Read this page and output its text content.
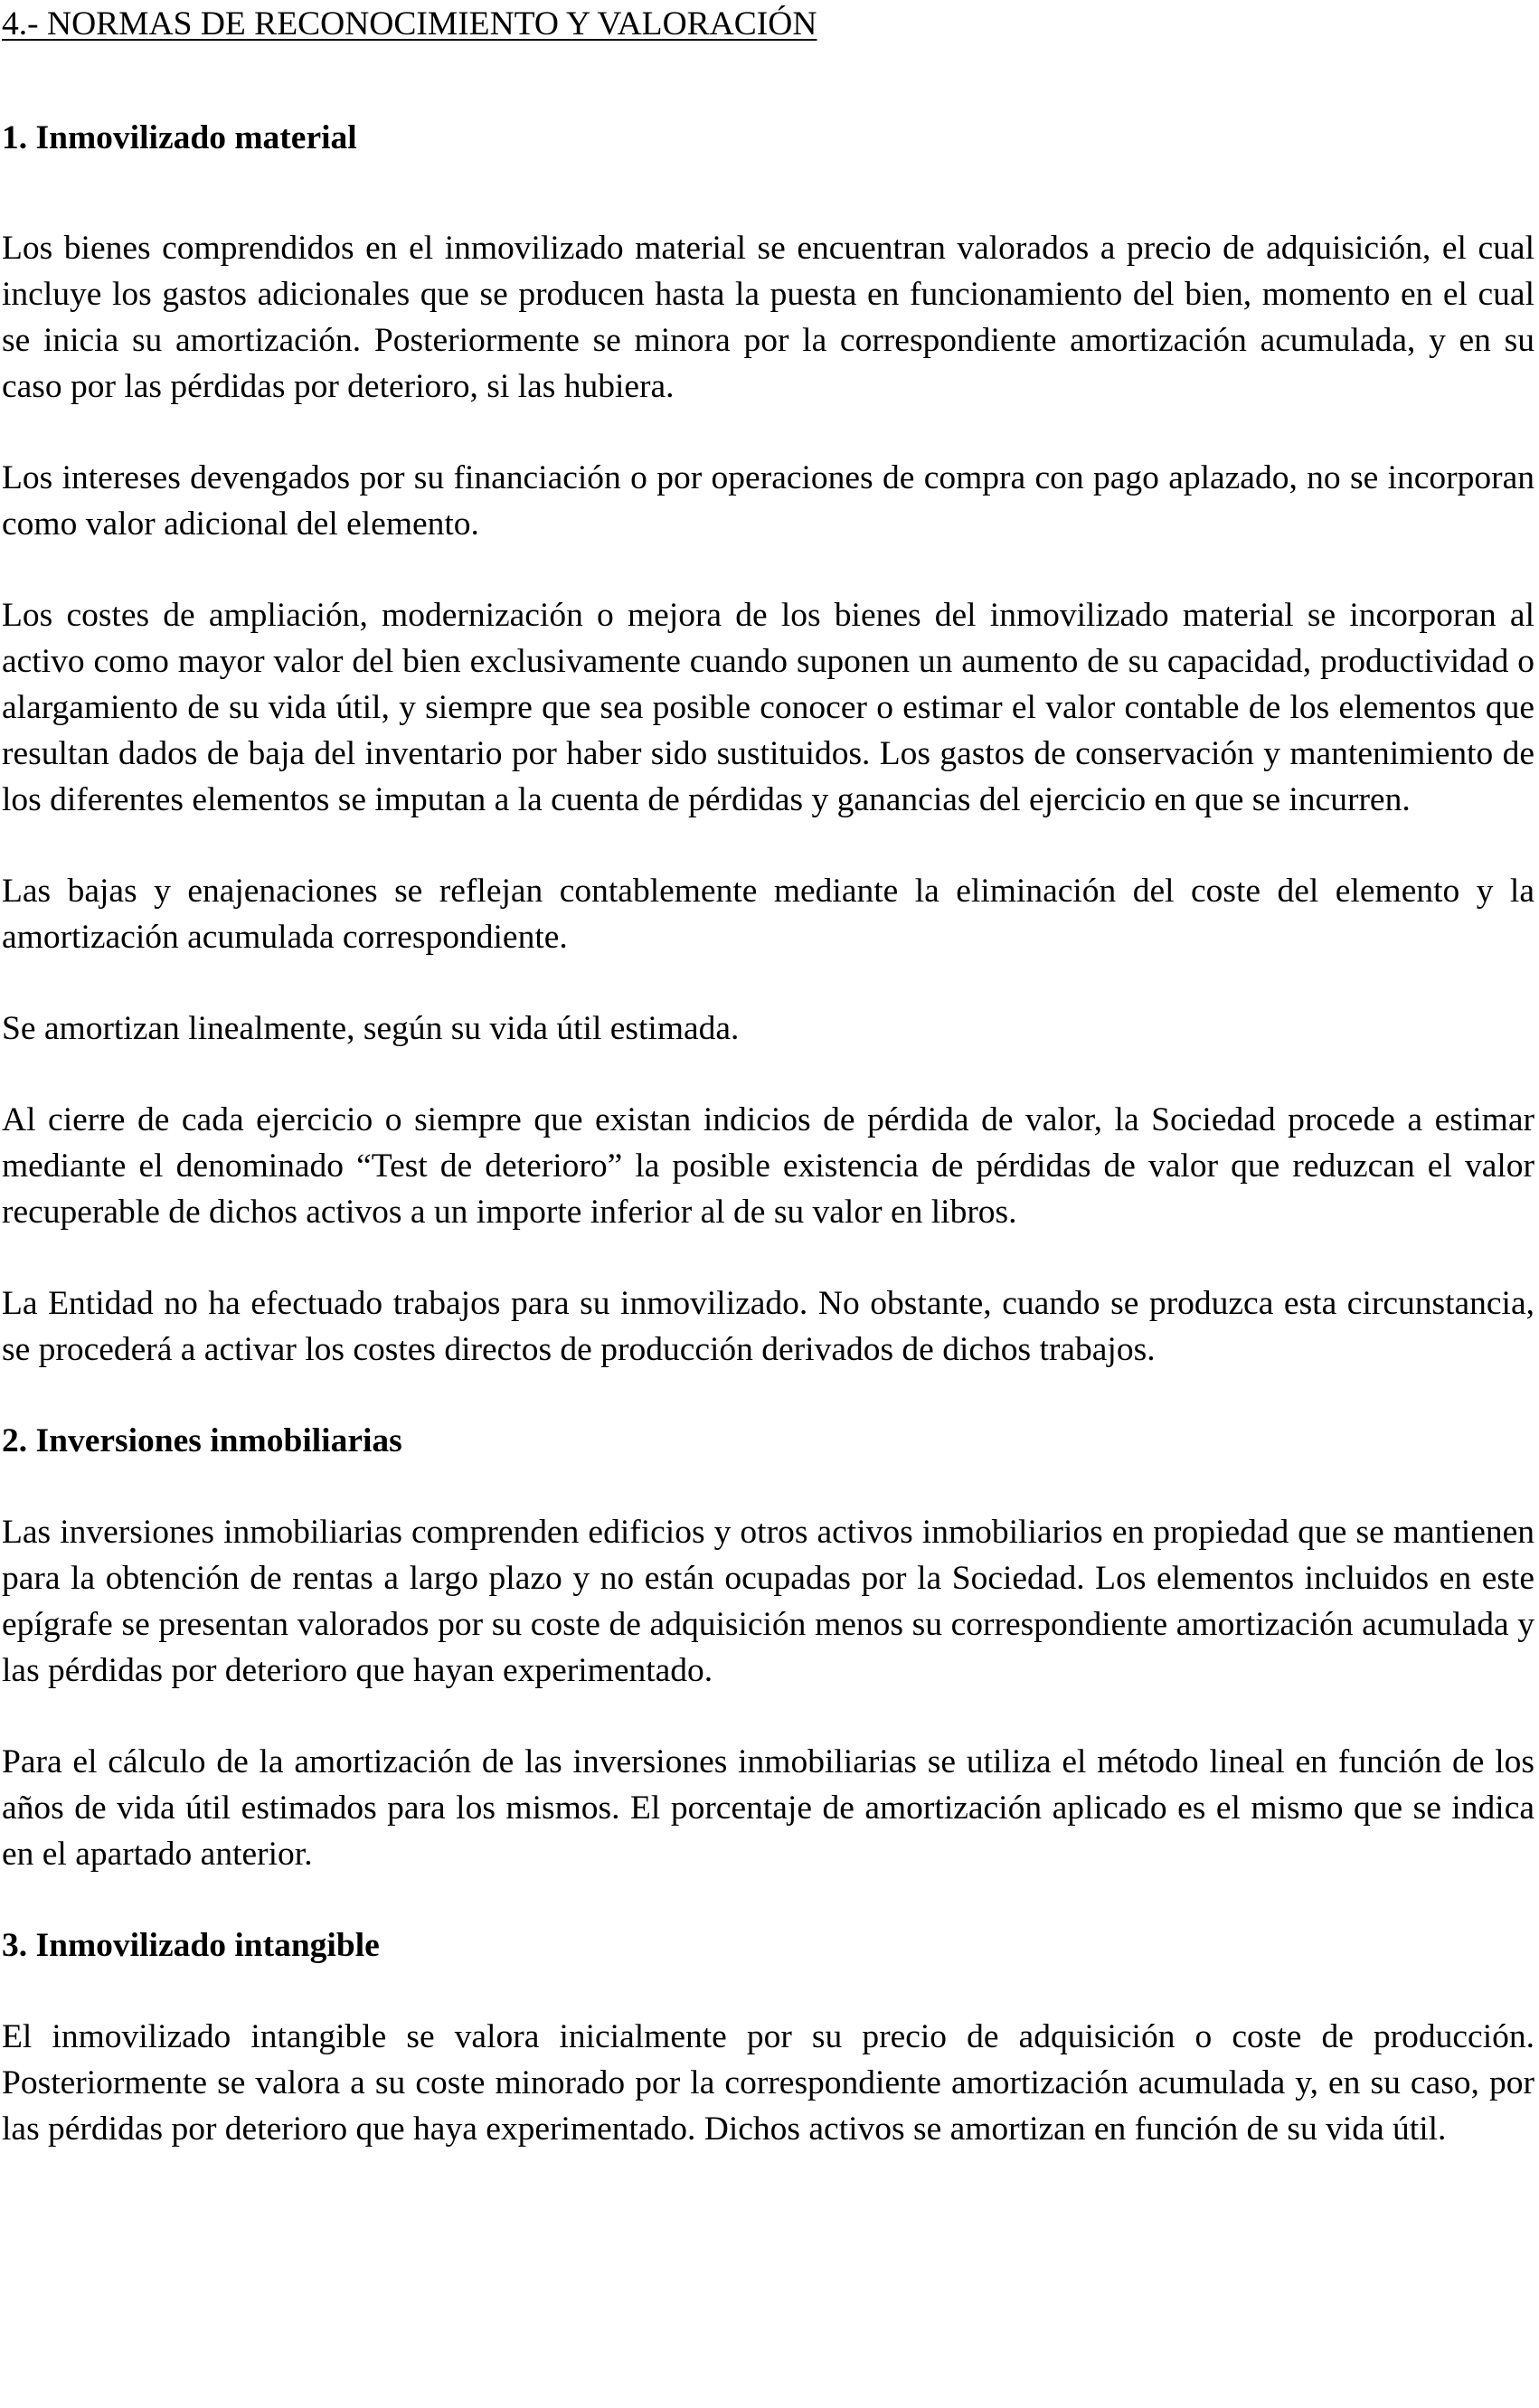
4.- NORMAS DE RECONOCIMIENTO Y VALORACIÓN
1. Inmovilizado material

Los bienes comprendidos en el inmovilizado material se encuentran valorados a precio de adquisición, el cual incluye los gastos adicionales que se producen hasta la puesta en funcionamiento del bien, momento en el cual se inicia su amortización. Posteriormente se minora por la correspondiente amortización acumulada, y en su caso por las pérdidas por deterioro, si las hubiera.

Los intereses devengados por su financiación o por operaciones de compra con pago aplazado, no se incorporan como valor adicional del elemento.

Los costes de ampliación, modernización o mejora de los bienes del inmovilizado material se incorporan al activo como mayor valor del bien exclusivamente cuando suponen un aumento de su capacidad, productividad o alargamiento de su vida útil, y siempre que sea posible conocer o estimar el valor contable de los elementos que resultan dados de baja del inventario por haber sido sustituidos. Los gastos de conservación y mantenimiento de los diferentes elementos se imputan a la cuenta de pérdidas y ganancias del ejercicio en que se incurren.

Las bajas y enajenaciones se reflejan contablemente mediante la eliminación del coste del elemento y la amortización acumulada correspondiente.

Se amortizan linealmente, según su vida útil estimada.

Al cierre de cada ejercicio o siempre que existan indicios de pérdida de valor, la Sociedad procede a estimar mediante el denominado “Test de deterioro” la posible existencia de pérdidas de valor que reduzcan el valor recuperable de dichos activos a un importe inferior al de su valor en libros.

La Entidad no ha efectuado trabajos para su inmovilizado. No obstante, cuando se produzca esta circunstancia, se procederá a activar los costes directos de producción derivados de dichos trabajos.

2. Inversiones inmobiliarias

Las inversiones inmobiliarias comprenden edificios y otros activos inmobiliarios en propiedad que se mantienen para la obtención de rentas a largo plazo y no están ocupadas por la Sociedad. Los elementos incluidos en este epígrafe se presentan valorados por su coste de adquisición menos su correspondiente amortización acumulada y las pérdidas por deterioro que hayan experimentado.

Para el cálculo de la amortización de las inversiones inmobiliarias se utiliza el método lineal en función de los años de vida útil estimados para los mismos. El porcentaje de amortización aplicado es el mismo que se indica en el apartado anterior.

3. Inmovilizado intangible

El inmovilizado intangible se valora inicialmente por su precio de adquisición o coste de producción. Posteriormente se valora a su coste minorado por la correspondiente amortización acumulada y, en su caso, por las pérdidas por deterioro que haya experimentado. Dichos activos se amortizan en función de su vida útil.
